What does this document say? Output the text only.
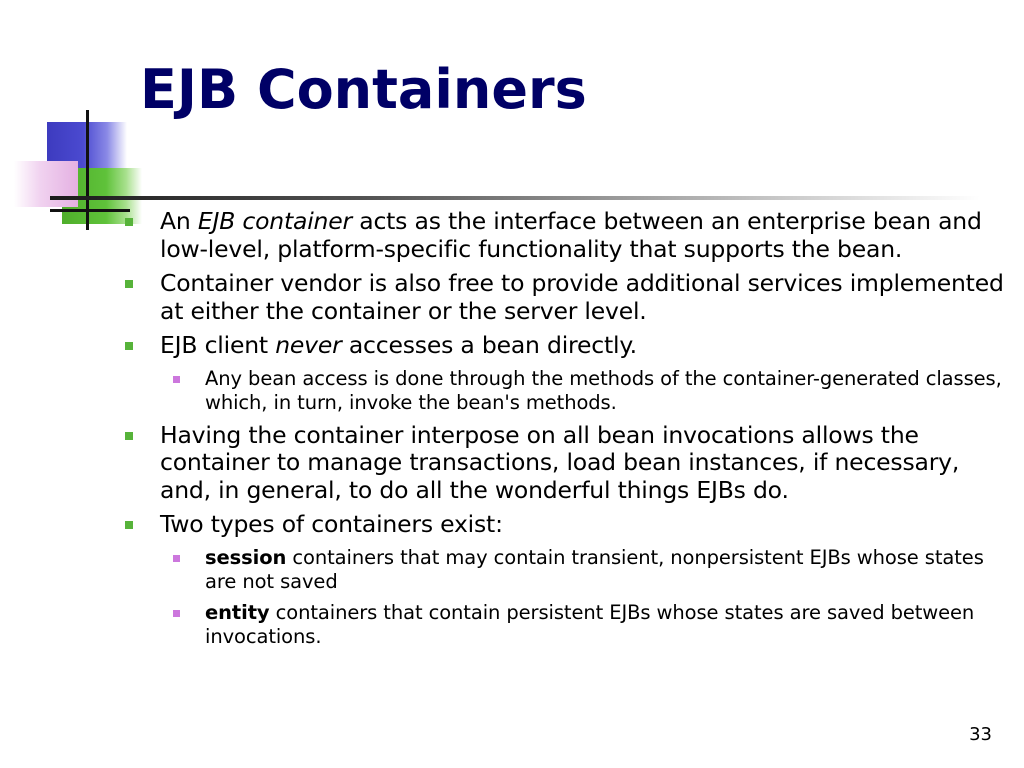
EJB Containers
An EJB container acts as the interface between an enterprise bean and low-level, platform-specific functionality that supports the bean.
Container vendor is also free to provide additional services implemented at either the container or the server level.
EJB client never accesses a bean directly.
Any bean access is done through the methods of the container-generated classes, which, in turn, invoke the bean's methods.
Having the container interpose on all bean invocations allows the container to manage transactions, load bean instances, if necessary, and, in general, to do all the wonderful things EJBs do.
Two types of containers exist:
session containers that may contain transient, nonpersistent EJBs whose states are not saved
entity containers that contain persistent EJBs whose states are saved between invocations.
33
